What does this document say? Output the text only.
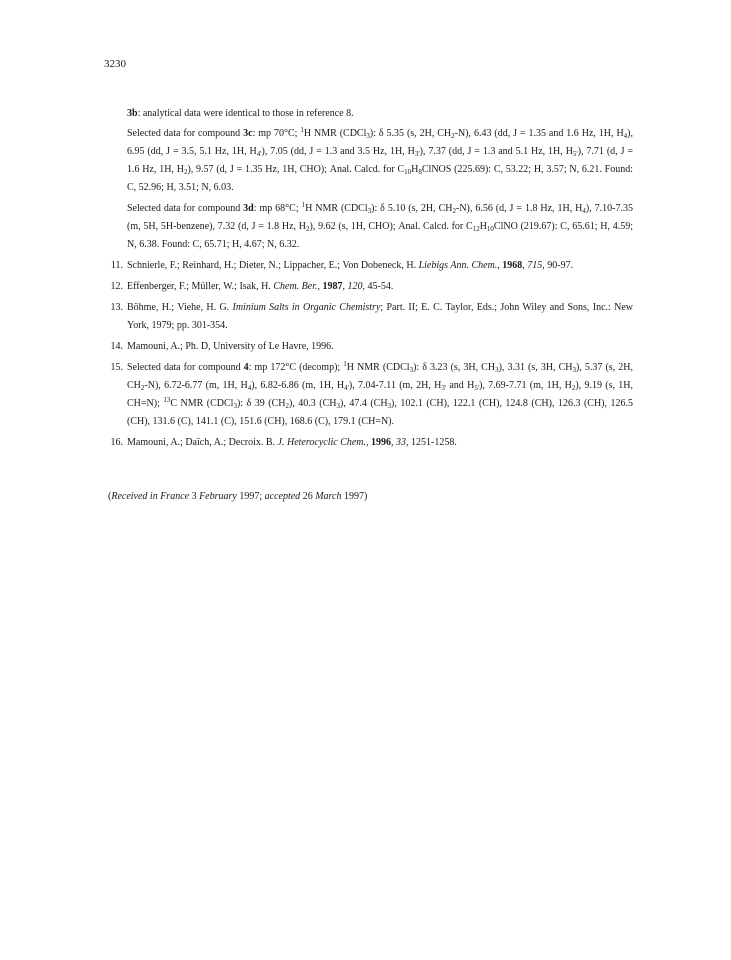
3230

3b: analytical data were identical to those in reference 8.

Selected data for compound 3c: mp 70°C; $^1$H NMR (CDCl$_3$): δ 5.35 (s, 2H, $CH_2-N$), 6.43 (dd, J = 1.35 and 1.6 Hz, 1H, $H_4$), 6.95 (dd, J = 3.5, 5.1 Hz, 1H, $H_{4'}$), 7.05 (dd, J = 1.3 and 3.5 Hz, 1H, $H_{3'}$), 7.37 (dd, J = 1.3 and 5.1 Hz, 1H, $H_{5'}$), 7.71 (d, J = 1.6 Hz, 1H, $H_2$), 9.57 (d, J = 1.35 Hz, 1H, CHO); Anal. Calcd. for $C_{10}H_8ClNOS$ (225.69): C, 53.22; H, 3.57; N, 6.21. Found: C, 52.96; H, 3.51; N, 6.03.

Selected data for compound 3d: mp 68°C; $^1$H NMR (CDCl$_3$): δ 5.10 (s, 2H, $CH_2-N$), 6.56 (d, J = 1.8 Hz, 1H, $H_4$), 7.10-7.35 (m, 5H, 5H-benzene), 7.32 (d, J = 1.8 Hz, $H_2$), 9.62 (s, 1H, CHO); Anal. Calcd. for $C_{12}H_{10}ClNO$ (219.67): C, 65.61; H, 4.59; N, 6.38. Found: C, 65.71; H, 4.67; N, 6.32.

11. Schnierle, F.; Reinhard, H.; Dieter, N.; Lippacher, E.; Von Dobeneck, H. Liebigs Ann. Chem., 1968, 715, 90-97.
12. Effenberger, F.; Müller, W.; Isak, H. Chem. Ber., 1987, 120, 45-54.
13. Böhme, H.; Viehe, H. G. Iminium Salts in Organic Chemistry; Part. II; E. C. Taylor, Eds.; John Wiley and Sons, Inc.: New York, 1979; pp. 301-354.
14. Mamouni, A.; Ph. D, University of Le Havre, 1996.
15. Selected data for compound 4: mp 172°C (decomp); $^1$H NMR (CDCl$_3$): δ 3.23 (s, 3H, $CH_3$), 3.31 (s, 3H, $CH_3$), 5.37 (s, 2H, $CH_2-N$), 6.72-6.77 (m, 1H, $H_4$), 6.82-6.86 (m, 1H, $H_{4'}$), 7.04-7.11 (m, 2H, $H_{3'}$ and $H_{5'}$), 7.69-7.71 (m, 1H, $H_2$), 9.19 (s, 1H, CH=N); $^{13}$C NMR (CDCl$_3$): δ 39 $(CH_2)$, 40.3 $(CH_3)$, 47.4 $(CH_3)$, 102.1 (CH), 122.1 (CH), 124.8 (CH), 126.3 (CH), 126.5 (CH), 131.6 (C), 141.1 (C), 151.6 (CH), 168.6 (C), 179.1 (CH=N).
16. Mamouni, A.; Daïch, A.; Decroix. B. J. Heterocyclic Chem., 1996, 33, 1251-1258.
(Received in France 3 February 1997; accepted 26 March 1997)
